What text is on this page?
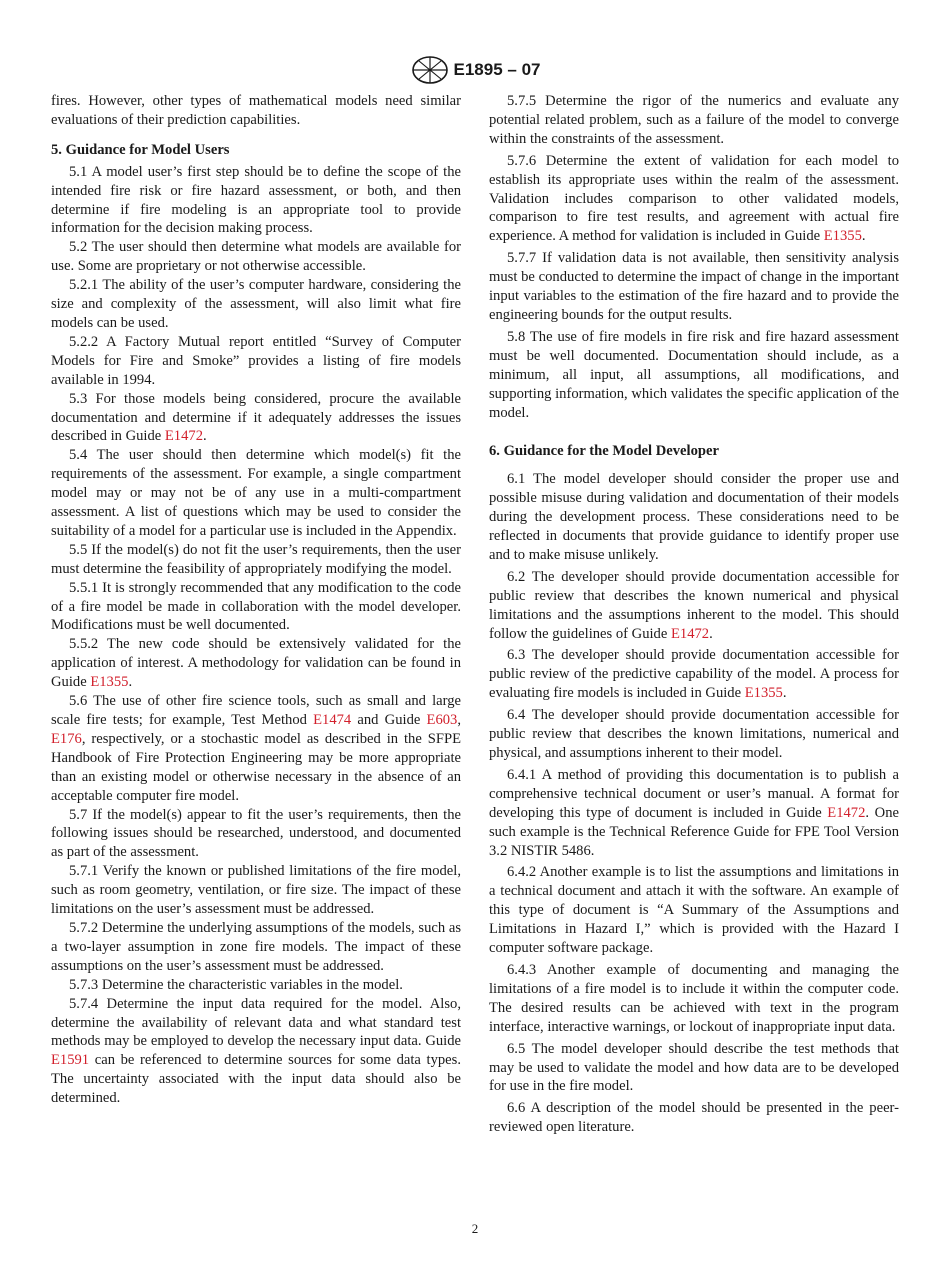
E1895 – 07

fires. However, other types of mathematical models need similar evaluations of their prediction capabilities.

5. Guidance for Model Users

5.1 A model user’s first step should be to define the scope of the intended fire risk or fire hazard assessment, or both, and then determine if fire modeling is an appropriate tool to provide information for the decision making process.

5.2 The user should then determine what models are available for use. Some are proprietary or not otherwise accessible.

5.2.1 The ability of the user’s computer hardware, considering the size and complexity of the assessment, will also limit what fire models can be used.

5.2.2 A Factory Mutual report entitled “Survey of Computer Models for Fire and Smoke” provides a listing of fire models available in 1994.

5.3 For those models being considered, procure the available documentation and determine if it adequately addresses the issues described in Guide E1472.

5.4 The user should then determine which model(s) fit the requirements of the assessment. For example, a single compartment model may or may not be of any use in a multi-compartment assessment. A list of questions which may be used to consider the suitability of a model for a particular use is included in the Appendix.

5.5 If the model(s) do not fit the user’s requirements, then the user must determine the feasibility of appropriately modifying the model.

5.5.1 It is strongly recommended that any modification to the code of a fire model be made in collaboration with the model developer. Modifications must be well documented.

5.5.2 The new code should be extensively validated for the application of interest. A methodology for validation can be found in Guide E1355.

5.6 The use of other fire science tools, such as small and large scale fire tests; for example, Test Method E1474 and Guide E603, E176, respectively, or a stochastic model as described in the SFPE Handbook of Fire Protection Engineering may be more appropriate than an existing model or otherwise necessary in the absence of an acceptable computer fire model.

5.7 If the model(s) appear to fit the user’s requirements, then the following issues should be researched, understood, and documented as part of the assessment.

5.7.1 Verify the known or published limitations of the fire model, such as room geometry, ventilation, or fire size. The impact of these limitations on the user’s assessment must be addressed.

5.7.2 Determine the underlying assumptions of the models, such as a two-layer assumption in zone fire models. The impact of these assumptions on the user’s assessment must be addressed.

5.7.3 Determine the characteristic variables in the model.

5.7.4 Determine the input data required for the model. Also, determine the availability of relevant data and what standard test methods may be employed to develop the necessary input data. Guide E1591 can be referenced to determine sources for some data types. The uncertainty associated with the input data should also be determined.

5.7.5 Determine the rigor of the numerics and evaluate any potential related problem, such as a failure of the model to converge within the constraints of the assessment.

5.7.6 Determine the extent of validation for each model to establish its appropriate uses within the realm of the assessment. Validation includes comparison to other validated models, comparison to fire test results, and agreement with actual fire experience. A method for validation is included in Guide E1355.

5.7.7 If validation data is not available, then sensitivity analysis must be conducted to determine the impact of change in the important input variables to the estimation of the fire hazard and to provide the engineering bounds for the output results.

5.8 The use of fire models in fire risk and fire hazard assessment must be well documented. Documentation should include, as a minimum, all input, all assumptions, all modifications, and supporting information, which validates the specific application of the model.

6. Guidance for the Model Developer

6.1 The model developer should consider the proper use and possible misuse during validation and documentation of their models during the development process. These considerations need to be reflected in documents that provide guidance to identify proper use and to make misuse unlikely.

6.2 The developer should provide documentation accessible for public review that describes the known numerical and physical limitations and the assumptions inherent to the model. This should follow the guidelines of Guide E1472.

6.3 The developer should provide documentation accessible for public review of the predictive capability of the model. A process for evaluating fire models is included in Guide E1355.

6.4 The developer should provide documentation accessible for public review that describes the known limitations, numerical and physical, and assumptions inherent to their model.

6.4.1 A method of providing this documentation is to publish a comprehensive technical document or user’s manual. A format for developing this type of document is included in Guide E1472. One such example is the Technical Reference Guide for FPE Tool Version 3.2 NISTIR 5486.

6.4.2 Another example is to list the assumptions and limitations in a technical document and attach it with the software. An example of this type of document is “A Summary of the Assumptions and Limitations in Hazard I,” which is provided with the Hazard I computer software package.

6.4.3 Another example of documenting and managing the limitations of a fire model is to include it within the computer code. The desired results can be achieved with text in the program interface, interactive warnings, or lockout of inappropriate input data.

6.5 The model developer should describe the test methods that may be used to validate the model and how data are to be developed for use in the fire model.

6.6 A description of the model should be presented in the peer-reviewed open literature.

2
